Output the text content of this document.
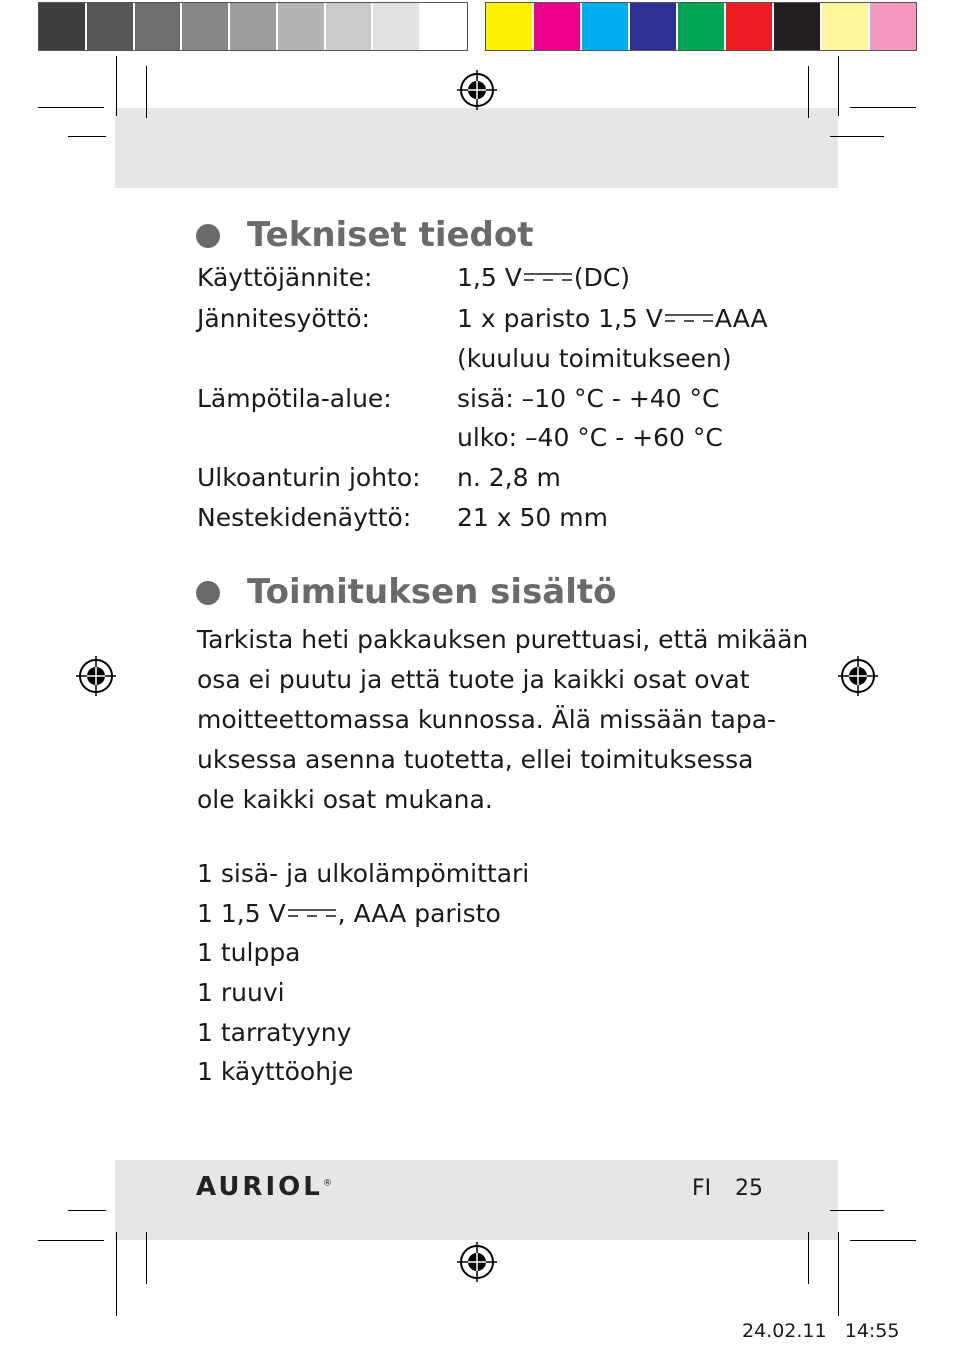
Tekniset tiedot
Käyttöjännite:	1,5 V (DC)
Jännitesyöttö:	1 x paristo 1,5 V AAA
(kuuluu toimitukseen)
Lämpötila-alue:	sisä: –10 °C - +40 °C
ulko: –40 °C - +60 °C
Ulkoanturin johto: n. 2,8 m
Nestekidenäyttö: 21 x 50 mm
Toimituksen sisältö
Tarkista heti pakkauksen purettuasi, että mikään
osa ei puutu ja että tuote ja kaikki osat ovat
moitteettomassa kunnossa. Älä missään tapa-
uksessa asenna tuotetta, ellei toimituksessa
ole kaikki osat mukana.
1 sisä- ja ulkolämpömittari
1 1,5 V , AAA paristo
1 tulppa
1 ruuvi
1 tarratyyny
1 käyttöohje
AURIOL®	FI 25
24.02.11   14:55
